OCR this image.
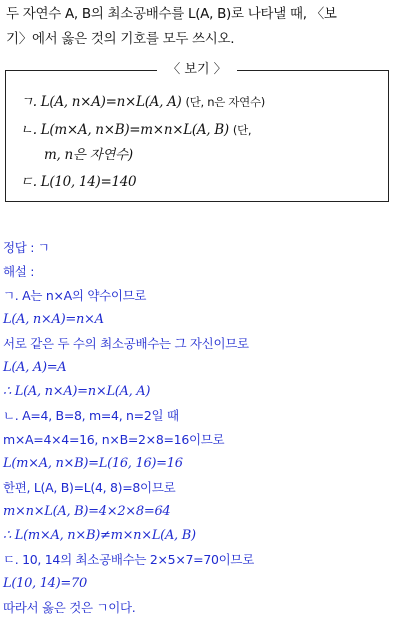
두 자연수 A, B의 최소공배수를 L(A, B)로 나타낼 때, 〈보
기〉에서 옳은 것의 기호를 모두 쓰시오.
〈 보기 〉
ㄱ. L(A, n×A)=n×L(A, A) (단, n은 자연수)
ㄴ. L(m×A, n×B)=m×n×L(A, B) (단,
m, n은 자연수)
ㄷ. L(10, 14)=140
정답 : ㄱ
해설 :
ㄱ. A는 n×A의 약수이므로
L(A, n×A)=n×A
서로 같은 두 수의 최소공배수는 그 자신이므로
L(A, A)=A
∴ L(A, n×A)=n×L(A, A)
ㄴ. A=4, B=8, m=4, n=2일 때
m×A=4×4=16, n×B=2×8=16이므로
L(m×A, n×B)=L(16, 16)=16
한편, L(A, B)=L(4, 8)=8이므로
m×n×L(A, B)=4×2×8=64
∴ L(m×A, n×B)≠m×n×L(A, B)
ㄷ. 10, 14의 최소공배수는 2×5×7=70이므로
L(10, 14)=70
따라서 옳은 것은 ㄱ이다.
